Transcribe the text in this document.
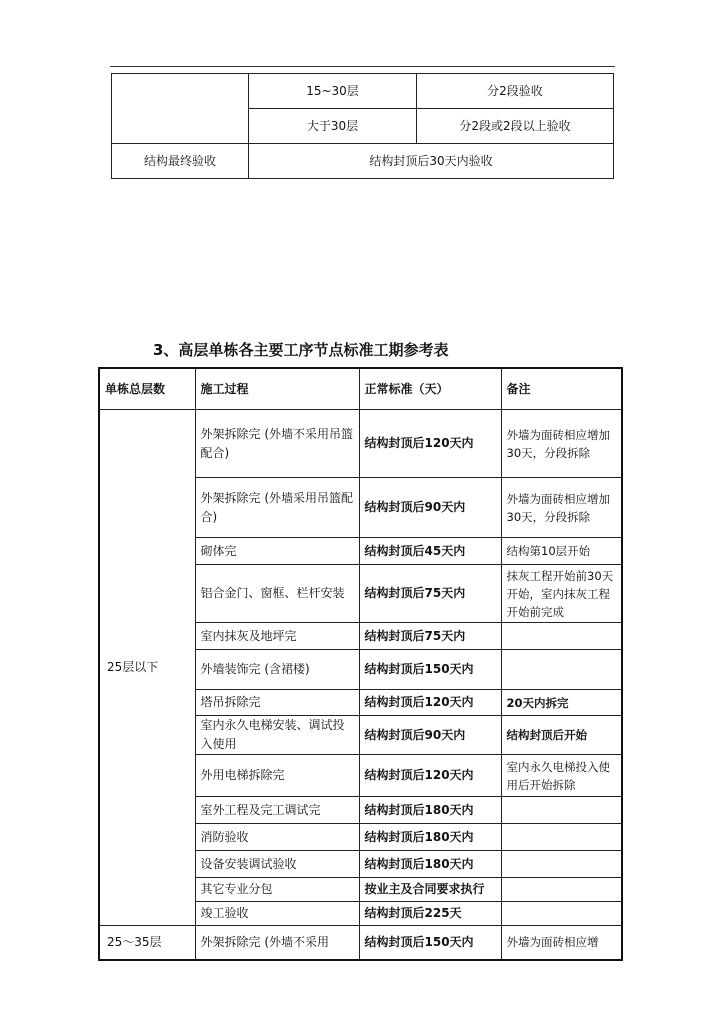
	15~30层	分2段验收
	大于30层	分2段或2段以上验收
结构最终验收	结构封顶后30天内验收	
3、高层单栋各主要工序节点标准工期参考表
单栋总层数	施工过程	正常标准（天）	备注
25层以下	外架拆除完 (外墙不采用吊篮配合)	结构封顶后120天内	外墙为面砖相应增加30天，分段拆除
	外架拆除完 (外墙采用吊篮配合)	结构封顶后90天内	外墙为面砖相应增加30天，分段拆除
	砌体完	结构封顶后45天内	结构第10层开始
	铝合金门、窗框、栏杆安装	结构封顶后75天内	抹灰工程开始前30天开始，室内抹灰工程开始前完成
	室内抹灰及地坪完	结构封顶后75天内	
	外墙装饰完 (含裙楼)	结构封顶后150天内	
	塔吊拆除完	结构封顶后120天内	20天内拆完
	室内永久电梯安装、调试投入使用	结构封顶后90天内	结构封顶后开始
	外用电梯拆除完	结构封顶后120天内	室内永久电梯投入使用后开始拆除
	室外工程及完工调试完	结构封顶后180天内	
	消防验收	结构封顶后180天内	
	设备安装调试验收	结构封顶后180天内	
	其它专业分包	按业主及合同要求执行	
	竣工验收	结构封顶后225天	
25～35层	外架拆除完 (外墙不采用	结构封顶后150天内	外墙为面砖相应增
